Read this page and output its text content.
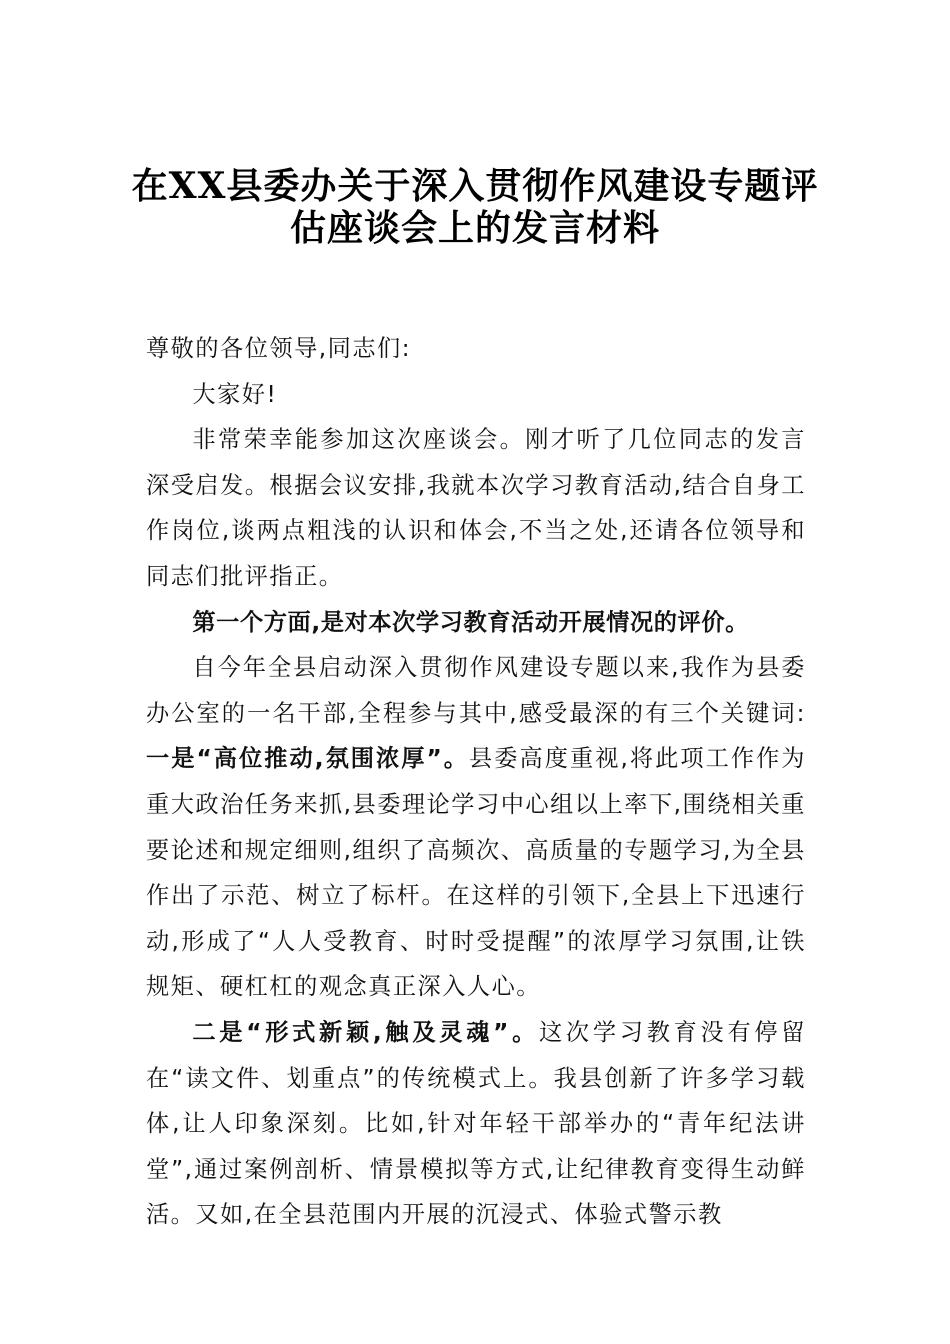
在XX县委办关于深入贯彻作风建设专题评
估座谈会上的发言材料

尊敬的各位领导,同志们:

大家好!

非常荣幸能参加这次座谈会。刚才听了几位同志的发言深受启发。根据会议安排,我就本次学习教育活动,结合自身工作岗位,谈两点粗浅的认识和体会,不当之处,还请各位领导和同志们批评指正。

第一个方面,是对本次学习教育活动开展情况的评价。

自今年全县启动深入贯彻作风建设专题以来,我作为县委办公室的一名干部,全程参与其中,感受最深的有三个关键词:一是“高位推动,氛围浓厚”。县委高度重视,将此项工作作为重大政治任务来抓,县委理论学习中心组以上率下,围绕相关重要论述和规定细则,组织了高频次、高质量的专题学习,为全县作出了示范、树立了标杆。在这样的引领下,全县上下迅速行动,形成了“人人受教育、时时受提醒”的浓厚学习氛围,让铁规矩、硬杠杠的观念真正深入人心。

二是“形式新颖,触及灵魂”。这次学习教育没有停留在“读文件、划重点”的传统模式上。我县创新了许多学习载体,让人印象深刻。比如,针对年轻干部举办的“青年纪法讲堂”,通过案例剖析、情景模拟等方式,让纪律教育变得生动鲜活。又如,在全县范围内开展的沉浸式、体验式警示教
